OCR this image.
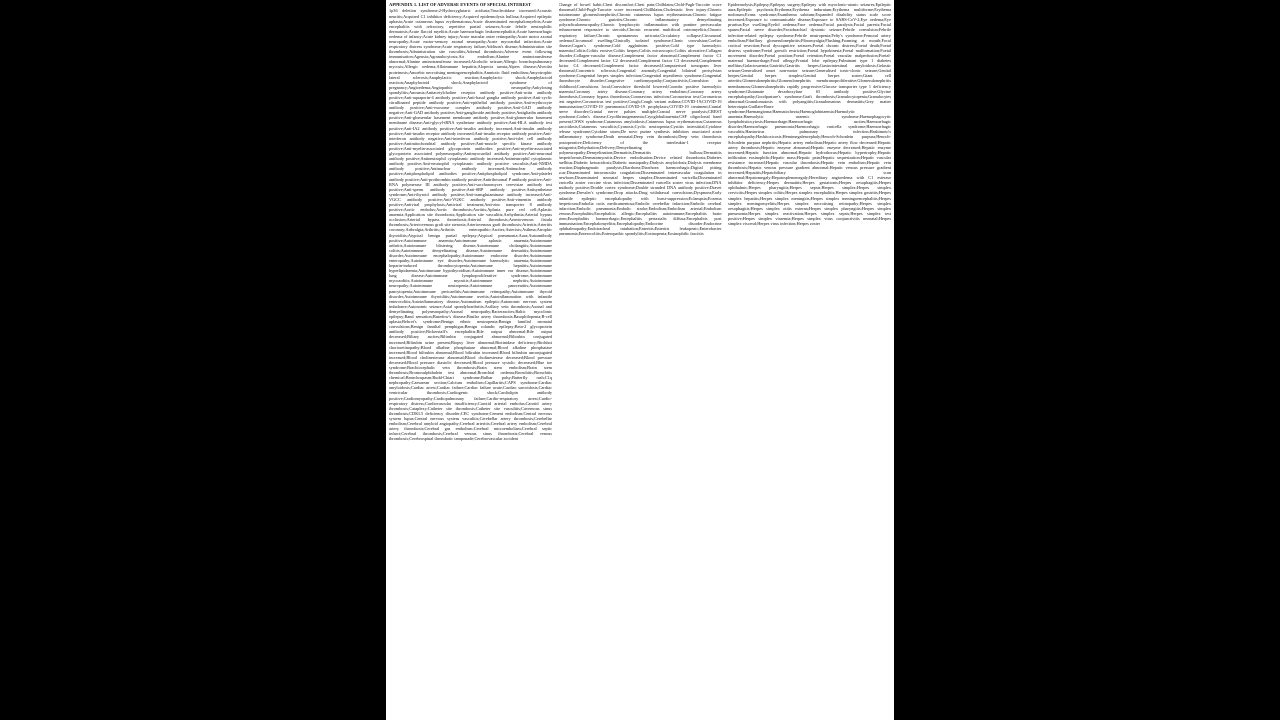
APPENDIX 1. LIST OF ADVERSE EVENTS OF SPECIAL INTEREST
1p36 deletion syndrome;2-Hydroxyglutaric aciduria;5'nucleotidase increased;Acoustic neuritis;Acquired C1 inhibitor deficiency;Acquired epidermolysis bullosa;Acquired epileptic aphasia;Acute cutaneous lupus erythematosus;Acute disseminated encephalomyelitis;Acute encephalitis with refractory, repetitive partial seizures;Acute febrile neutrophilic dermatosis;Acute flaccid myelitis;Acute haemorrhagic leukoencephalitis;Acute haemorrhagic oedema of infancy;Acute kidney injury;Acute macular outer retinopathy;Acute motor axonal neuropathy;Acute motor-sensory axonal neuropathy;Acute myocardial infarction;Acute respiratory distress syndrome;Acute respiratory failure;Addison's disease;Administration site thrombosis;Administration site vasculitis;Adrenal thrombosis;Adverse event following immunisation;Ageusia;Agranulocytosis;Air embolism;Alanine aminotransferase abnormal;Alanine aminotransferase increased;Alcoholic seizure;Allergic bronchopulmonary mycosis;Allergic oedema;Alloimmune hepatitis;Alopecia areata;Alpers disease;Alveolar proteinosis;Amoebic necrotising meningoencephalitis;Amniotic fluid embolism;Amyotrophic lateral sclerosis;Anaphylactic reaction;Anaphylactic shock;Anaphylactoid reaction;Anaphylactoid shock;Anaphylactoid syndrome of pregnancy;Angioedema;Angiopathic neuropathy;Ankylosing spondylitis;Anosmia;Antiacetylcholine receptor antibody positive;Anti-actin antibody positive;Anti-aquaporin-4 antibody positive;Anti-basal ganglia antibody positive;Anti-cyclic citrullinated peptide antibody positive;Anti-epithelial antibody positive;Anti-erythrocyte antibody positive;Anti-exosome complex antibody positive;Anti-GAD antibody negative;Anti-GAD antibody positive;Anti-ganglioside antibody positive;Antigliadin antibody positive;Anti-glomerular basement membrane antibody positive;Anti-glomerular basement membrane disease;Anti-glycyl-tRNA synthetase antibody positive;Anti-HLA antibody test positive;Anti-IA2 antibody positive;Anti-insulin antibody increased;Anti-insulin antibody positive;Anti-insulin receptor antibody increased;Anti-insulin receptor antibody positive;Anti-interferon antibody negative;Anti-interferon antibody positive;Anti-islet cell antibody positive;Antimitochondrial antibody positive;Anti-muscle specific kinase antibody positive;Anti-myelin-associated glycoprotein antibodies positive;Anti-myelin-associated glycoprotein associated polyneuropathy;Antimyocardial antibody positive;Anti-neuronal antibody positive;Antineutrophil cytoplasmic antibody increased;Antineutrophil cytoplasmic antibody positive;Anti-neutrophil cytoplasmic antibody positive vasculitis;Anti-NMDA antibody positive;Antinuclear antibody increased;Antinuclear antibody positive;Antiphospholipid antibodies positive;Antiphospholipid syndrome;Anti-platelet antibody positive;Anti-prothrombin antibody positive;Antiribosomal P antibody positive;Anti-RNA polymerase III antibody positive;Anti-saccharomyces cerevisiae antibody test positive;Anti-sperm antibody positive;Anti-SRP antibody positive;Antisynthetase syndrome;Anti-thyroid antibody positive;Anti-transglutaminase antibody increased;Anti-VGCC antibody positive;Anti-VGKC antibody positive;Anti-vimentin antibody positive;Antiviral prophylaxis;Antiviral treatment;Anti-zinc transporter 8 antibody positive;Aortic embolus;Aortic thrombosis;Aortitis;Aplasia pure red cell;Aplastic anaemia;Application site thrombosis;Application site vasculitis;Arrhythmia;Arterial bypass occlusion;Arterial bypass thrombosis;Arterial thrombosis;Arteriovenous fistula thrombosis;Arteriovenous graft site stenosis;Arteriovenous graft thrombosis;Arteritis;Arteritis coronary;Arthralgia;Arthritis;Arthritis enteropathic;Ascites;Asterixis;Asthma;Atrophic thyroiditis;Atypical benign partial epilepsy;Atypical pneumonia;Aura;Autoantibody positive;Autoimmune anaemia;Autoimmune aplastic anaemia;Autoimmune arthritis;Autoimmune blistering disease;Autoimmune cholangitis;Autoimmune colitis;Autoimmune demyelinating disease;Autoimmune dermatitis;Autoimmune disorder;Autoimmune encephalopathy;Autoimmune endocrine disorder;Autoimmune enteropathy;Autoimmune eye disorder;Autoimmune haemolytic anaemia;Autoimmune heparin-induced thrombocytopenia;Autoimmune hepatitis;Autoimmune hyperlipidaemia;Autoimmune hypothyroidism;Autoimmune inner ear disease;Autoimmune lung disease;Autoimmune lymphoproliferative syndrome;Autoimmune myocarditis;Autoimmune myositis;Autoimmune nephritis;Autoimmune neuropathy;Autoimmune neutropenia;Autoimmune pancreatitis;Autoimmune pancytopenia;Autoimmune pericarditis;Autoimmune retinopathy;Autoimmune thyroid disorder;Autoimmune thyroiditis;Autoimmune uveitis;Autoinflammation with infantile enterocolitis;Autoinflammatory disease;Automatism epileptic;Autonomic nervous system imbalance;Autonomic seizure;Axial spondyloarthritis;Axillary vein thrombosis;Axonal and demyelinating polyneuropathy;Axonal neuropathy;Bacterascites;Baltic myoclonic epilepsy;Band sensation;Basedow's disease;Basilar artery thrombosis;Basophilopenia;B-cell aplasia;Behcet's syndrome;Benign ethnic neutropenia;Benign familial neonatal convulsions;Benign familial pemphigus;Benign rolandic epilepsy;Beta-2 glycoprotein antibody positive;Bickerstaff's encephalitis;Bile output abnormal;Bile output decreased;Biliary ascites;Bilirubin conjugated abnormal;Bilirubin conjugated increased;Bilirubin urine present;Biopsy liver abnormal;Biotinidase deficiency;Birdshot chorioretinopathy;Blood alkaline phosphatase abnormal;Blood alkaline phosphatase increased;Blood bilirubin abnormal;Blood bilirubin increased;Blood bilirubin unconjugated increased;Blood cholinesterase abnormal;Blood cholinesterase decreased;Blood pressure decreased;Blood pressure diastolic decreased;Blood pressure systolic decreased;Blue toe syndrome;Brachiocephalic vein thrombosis;Brain stem embolism;Brain stem thrombosis;Bromosulphthalein test abnormal;Bronchial oedema;Bronchitis;Bronchitis chemical;Bronchospasm;Budd-Chiari syndrome;Bulbar palsy;Butterfly rash;C1q nephropathy;Caesarean section;Calcium embolism;Capillaritis;CAPS syndrome;Cardiac amyloidosis;Cardiac arrest;Cardiac failure;Cardiac failure acute;Cardiac sarcoidosis;Cardiac ventricular thrombosis;Cardiogenic shock;Cardiolipin antibody positive;Cardiomyopathy;Cardiopulmonary failure;Cardio-respiratory arrest;Cardio-respiratory distress;Cardiovascular insufficiency;Carotid arterial embolus;Carotid artery thrombosis;Cataplexy;Catheter site thrombosis;Catheter site vasculitis;Cavernous sinus thrombosis;CDKL5 deficiency disorder;CEC syndrome;Cement embolism;Central nervous system lupus;Central nervous system vasculitis;Cerebellar artery thrombosis;Cerebellar embolism;Cerebral amyloid angiopathy;Cerebral arteritis;Cerebral artery embolism;Cerebral artery thrombosis;Cerebral gas embolism;Cerebral microembolism;Cerebral septic infarct;Cerebral thrombosis;Cerebral venous sinus thrombosis;Cerebral venous thrombosis;Cerebrospinal thrombotic tamponade;Cerebrovascular accident
Change of bowel habit;Chest discomfort;Chest pain;Chilblains;Child-Pugh-Turcotte score abnormal;Child-Pugh-Turcotte score increased;Chillblains;Cholestatic liver injury;Chronic autoimmune glomerulonephritis;Chronic cutaneous lupus erythematosus;Chronic fatigue syndrome;Chronic gastritis;Chronic inflammatory demyelinating polyradiculoneuropathy;Chronic lymphocytic inflammation with pontine perivascular enhancement responsive to steroids;Chronic recurrent multifocal osteomyelitis;Chronic respiratory failure;Chronic spontaneous urticaria;Circulatory collapse;Circumoral oedema;Circumoral swelling;Clinically isolated syndrome;Clonic convulsion;Coeliac disease;Cogan's syndrome;Cold agglutinins positive;Cold type haemolytic anaemia;Colitis;Colitis erosive;Colitis herpes;Colitis microscopic;Colitis ulcerative;Collagen disorder;Collagen-vascular disease;Complement factor abnormal;Complement factor C1 decreased;Complement factor C2 decreased;Complement factor C3 decreased;Complement factor C4 decreased;Complement factor decreased;Computerised tomogram liver abnormal;Concentric sclerosis;Congenital anomaly;Congenital bilateral perisylvian syndrome;Congenital herpes simplex infection;Congenital myasthenic syndrome;Congenital thrombocyte disorder;Congestive cardiomyopathy;Conjunctivitis;Convulsion in childhood;Convulsions local;Convulsive threshold lowered;Coombs positive haemolytic anaemia;Coronary artery disease;Coronary artery embolism;Coronary artery thrombosis;Coronary bypass thrombosis;Coronavirus infection;Coronavirus test;Coronavirus test negative;Coronavirus test positive;Cough;Cough variant asthma;COVID-19;COVID-19 immunisation;COVID-19 pneumonia;COVID-19 prophylaxis;COVID-19 treatment;Cranial nerve disorder;Cranial nerve palsies multiple;Cranial nerve paralysis;CREST syndrome;Crohn's disease;Cryofibrinogenaemia;Cryoglobulinaemia;CSF oligoclonal band present;CSWS syndrome;Cutaneous amyloidosis;Cutaneous lupus erythematosus;Cutaneous sarcoidosis;Cutaneous vasculitis;Cyanosis;Cyclic neutropenia;Cystitis interstitial;Cytokine release syndrome;Cytokine storm;De novo purine synthesis inhibitors associated acute inflammatory syndrome;Death neonatal;Deep vein thrombosis;Deep vein thrombosis postoperative;Deficiency of the interleukin-1 receptor antagonist;Dehydration;Delivery;Demyelinating polyneuropathy;Demyelination;Dermatitis;Dermatitis bullous;Dermatitis herpetiformis;Dermatomyositis;Device embolisation;Device related thrombosis;Diabetes mellitus;Diabetic ketoacidosis;Diabetic mastopathy;Dialysis amyloidosis;Dialysis membrane reaction;Diaphragmatic paralysis;Diarrhoea;Diarrhoea haemorrhagic;Digital pitting scar;Disseminated intravascular coagulation;Disseminated intravascular coagulation in newborn;Disseminated neonatal herpes simplex;Disseminated varicella;Disseminated varicella zoster vaccine virus infection;Disseminated varicella zoster virus infection;DNA antibody positive;Double cortex syndrome;Double stranded DNA antibody positive;Dravet syndrome;Dressler's syndrome;Drop attacks;Drug withdrawal convulsions;Dyspnoea;Early infantile epileptic encephalopathy with burst-suppression;Eclampsia;Eczema herpeticum;Embolia cutis medicamentosa;Embolic cerebellar infarction;Embolic cerebral infarction;Embolic pneumonia;Embolic stroke;Embolism;Embolism arterial;Embolism venous;Encephalitis;Encephalitis allergic;Encephalitis autoimmune;Encephalitis brain stem;Encephalitis haemorrhagic;Encephalitis periaxialis diffusa;Encephalitis post immunisation;Encephalomyelitis;Encephalopathy;Endocrine disorder;Endocrine ophthalmopathy;Endotracheal intubation;Enteritis;Enteritis leukopenic;Enterobacter pneumonia;Enterocolitis;Enteropathic spondylitis;Eosinopenia;Eosinophilic fasciitis
Epidermolysis;Epilepsy;Epilepsy surgery;Epilepsy with myoclonic-atonic seizures;Epileptic aura;Epileptic psychosis;Erythema;Erythema induratum;Erythema multiforme;Erythema nodosum;Evans syndrome;Exanthema subitum;Expanded disability status scale score increased;Exposure to communicable disease;Exposure to SARS-CoV-2;Eye oedema;Eye pruritus;Eye swelling;Eyelid oedema;Face oedema;Facial paralysis;Facial paresis;Facial spasm;Facial nerve disorder;Faciobrachial dystonic seizure;Febrile convulsion;Febrile infection-related epilepsy syndrome;Febrile neutropenia;Felty's syndrome;Femoral artery embolism;Fibrillary glomerulonephritis;Fibromyalgia;Flushing;Foaming at mouth;Focal cortical resection;Focal dyscognitive seizures;Foetal chronic distress;Foetal death;Foetal distress syndrome;Foetal growth restriction;Foetal hypokinesia;Foetal malformation;Foetal movement disorder;Foetal position;Foetal retention;Foetal vascular malperfusion;Foetal-maternal haemorrhage;Food allergy;Frontal lobe epilepsy;Fulminant type 1 diabetes mellitus;Galactosaemia;Gastritis;Gastritis herpes;Gastrointestinal amyloidosis;Gelastic seizure;Generalised onset non-motor seizure;Generalised tonic-clonic seizure;Genital herpes;Genital herpes simplex;Genital herpes zoster;Giant cell arteritis;Glomerulonephritis;Glomerulonephritis membranoproliferative;Glomerulonephritis membranous;Glomerulonephritis rapidly progressive;Glucose transporter type 1 deficiency syndrome;Glutamate decarboxylase 65 antibody positive;Glycine encephalopathy;Goodpasture's syndrome;Graft thrombosis;Granulocytopenia;Granulocytes abnormal;Granulomatosis with polyangiitis;Granulomatous dermatitis;Grey matter heterotopia;Guillain-Barre syndrome;Haemangioma;Haematochezia;Haemoglobinaemia;Haemolytic anaemia;Haemolytic uraemic syndrome;Haemophagocytic lymphohistiocytosis;Haemorrhage;Haemorrhagic ascites;Haemorrhagic disorder;Haemorrhagic pneumonia;Haemorrhagic varicella syndrome;Haemorrhagic vasculitis;Hantavirus pulmonary infection;Hashimoto's encephalopathy;Hashitoxicosis;Hemimegalencephaly;Henoch-Schonlein purpura;Henoch-Schonlein purpura nephritis;Hepatic artery embolism;Hepatic artery flow decreased;Hepatic artery thrombosis;Hepatic enzyme abnormal;Hepatic enzyme decreased;Hepatic enzyme increased;Hepatic function abnormal;Hepatic hydrothorax;Hepatic hypertrophy;Hepatic infiltration eosinophilic;Hepatic mass;Hepatic pain;Hepatic sequestration;Hepatic vascular resistance increased;Hepatic vascular thrombosis;Hepatic vein embolism;Hepatic vein thrombosis;Hepatic venous pressure gradient abnormal;Hepatic venous pressure gradient increased;Hepatitis;Hepatobiliary scan abnormal;Hepatomegaly;Hepatosplenomegaly;Hereditary angioedema with C1 esterase inhibitor deficiency;Herpes dermatitis;Herpes gestationis;Herpes oesophagitis;Herpes ophthalmic;Herpes pharyngitis;Herpes sepsis;Herpes simplex;Herpes simplex cervicitis;Herpes simplex colitis;Herpes simplex encephalitis;Herpes simplex gastritis;Herpes simplex hepatitis;Herpes simplex meningitis;Herpes simplex meningoencephalitis;Herpes simplex meningomyelitis;Herpes simplex necrotising retinopathy;Herpes simplex oesophagitis;Herpes simplex otitis externa;Herpes simplex pharyngitis;Herpes simplex pneumonia;Herpes simplex reactivation;Herpes simplex sepsis;Herpes simplex test positive;Herpes simplex viraemia;Herpes simplex virus conjunctivitis neonatal;Herpes simplex visceral;Herpes virus infection;Herpes zoster
